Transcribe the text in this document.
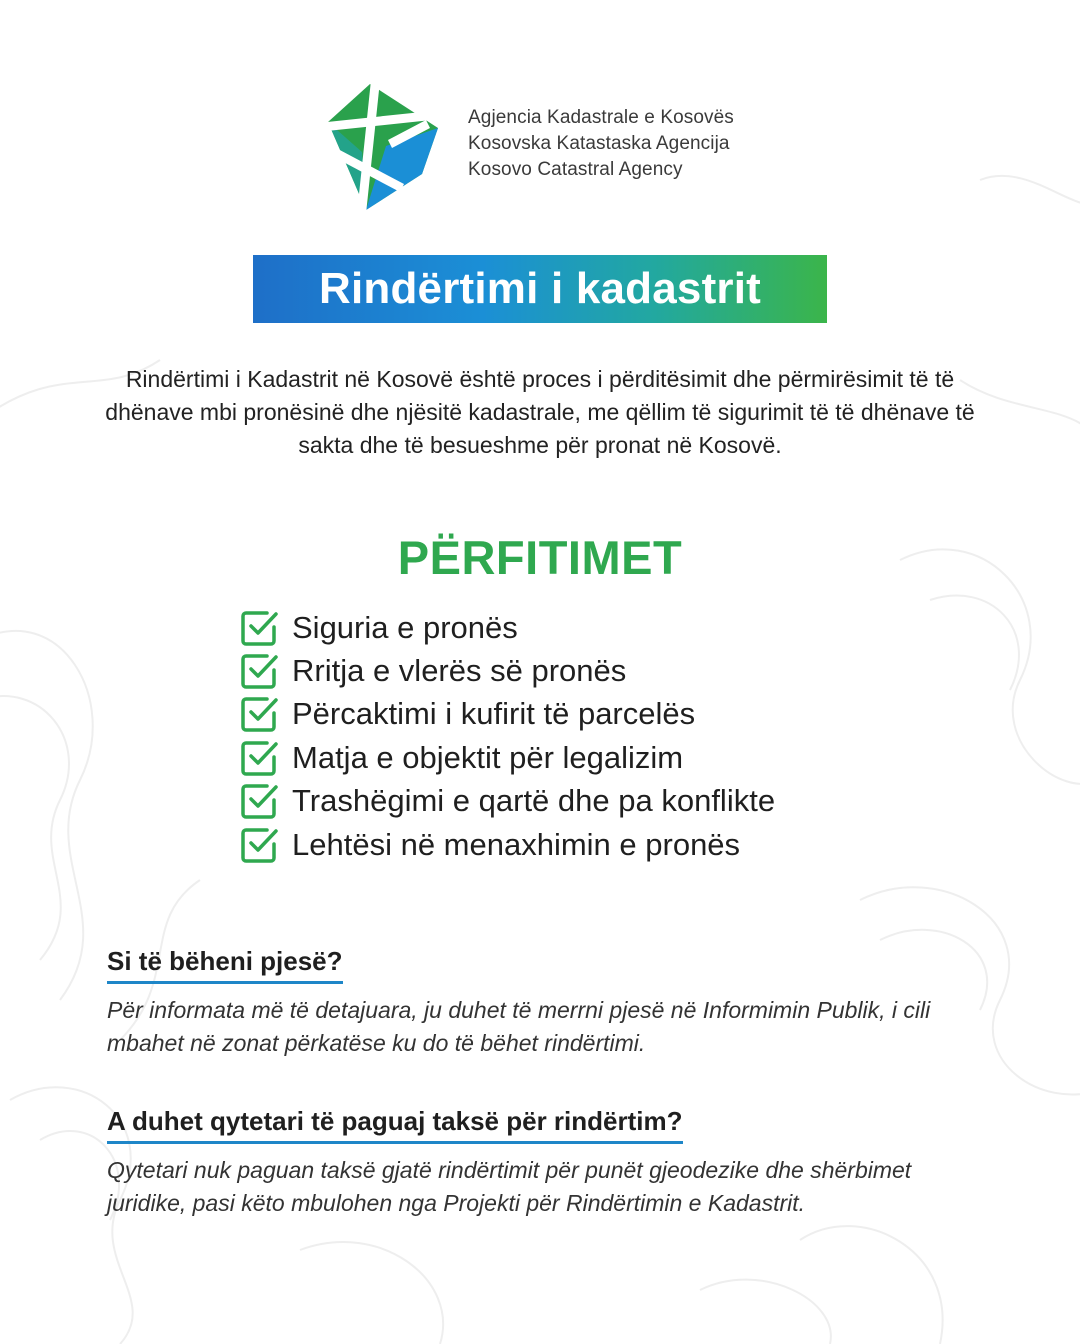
Agjencia Kadastrale e Kosovës
Kosovska Katastaska Agencija
Kosovo Catastral Agency
Rindërtimi i kadastrit

Rindërtimi i Kadastrit në Kosovë është proces i përditësimit dhe përmirësimit të të dhënave mbi pronësinë dhe njësitë kadastrale, me qëllim të sigurimit të të dhënave të sakta dhe të besueshme për pronat në Kosovë.

PËRFITIMET
Siguria e pronës
Rritja e vlerës së pronës
Përcaktimi i kufirit të parcelës
Matja e objektit për legalizim
Trashëgimi e qartë dhe pa konflikte
Lehtësi në menaxhimin e pronës
Si të bëheni pjesë?

Për informata më të detajuara, ju duhet të merrni pjesë në Informimin Publik, i cili mbahet në zonat përkatëse ku do të bëhet rindërtimi.

A duhet qytetari të paguaj taksë për rindërtim?

Qytetari nuk paguan taksë gjatë rindërtimit për punët gjeodezike dhe shërbimet juridike, pasi këto mbulohen nga Projekti për Rindërtimin e Kadastrit.
